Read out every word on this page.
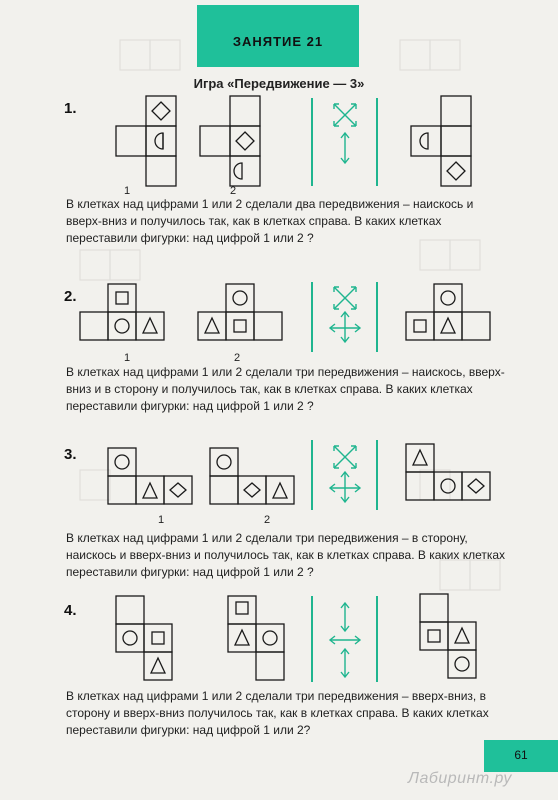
ЗАНЯТИЕ 21
Игра «Передвижение — 3»
1.
1	2
В клетках над цифрами 1 или 2 сделали два передвижения – наискось и вверх-вниз и получилось так, как в клетках справа. В каких клетках переставили фигурки: над цифрой 1 или 2 ?
2.
1	2
В клетках над цифрами 1 или 2 сделали три передвижения – наискось, вверх-вниз и в сторону и получилось так, как в клетках справа. В каких клетках переставили фигурки: над цифрой 1 или 2 ?
3.
1	2
В клетках над цифрами 1 или 2 сделали три передвижения – в сторону, наискось и вверх-вниз и получилось так, как в клетках справа. В каких клетках переставили фигурки: над цифрой 1 или 2 ?
4.
В клетках над цифрами 1 или 2 сделали три передвижения – вверх-вниз, в сторону и вверх-вниз получилось так, как в клетках справа. В каких клетках переставили фигурки: над цифрой 1 или 2?
61
Лабиринт.ру
